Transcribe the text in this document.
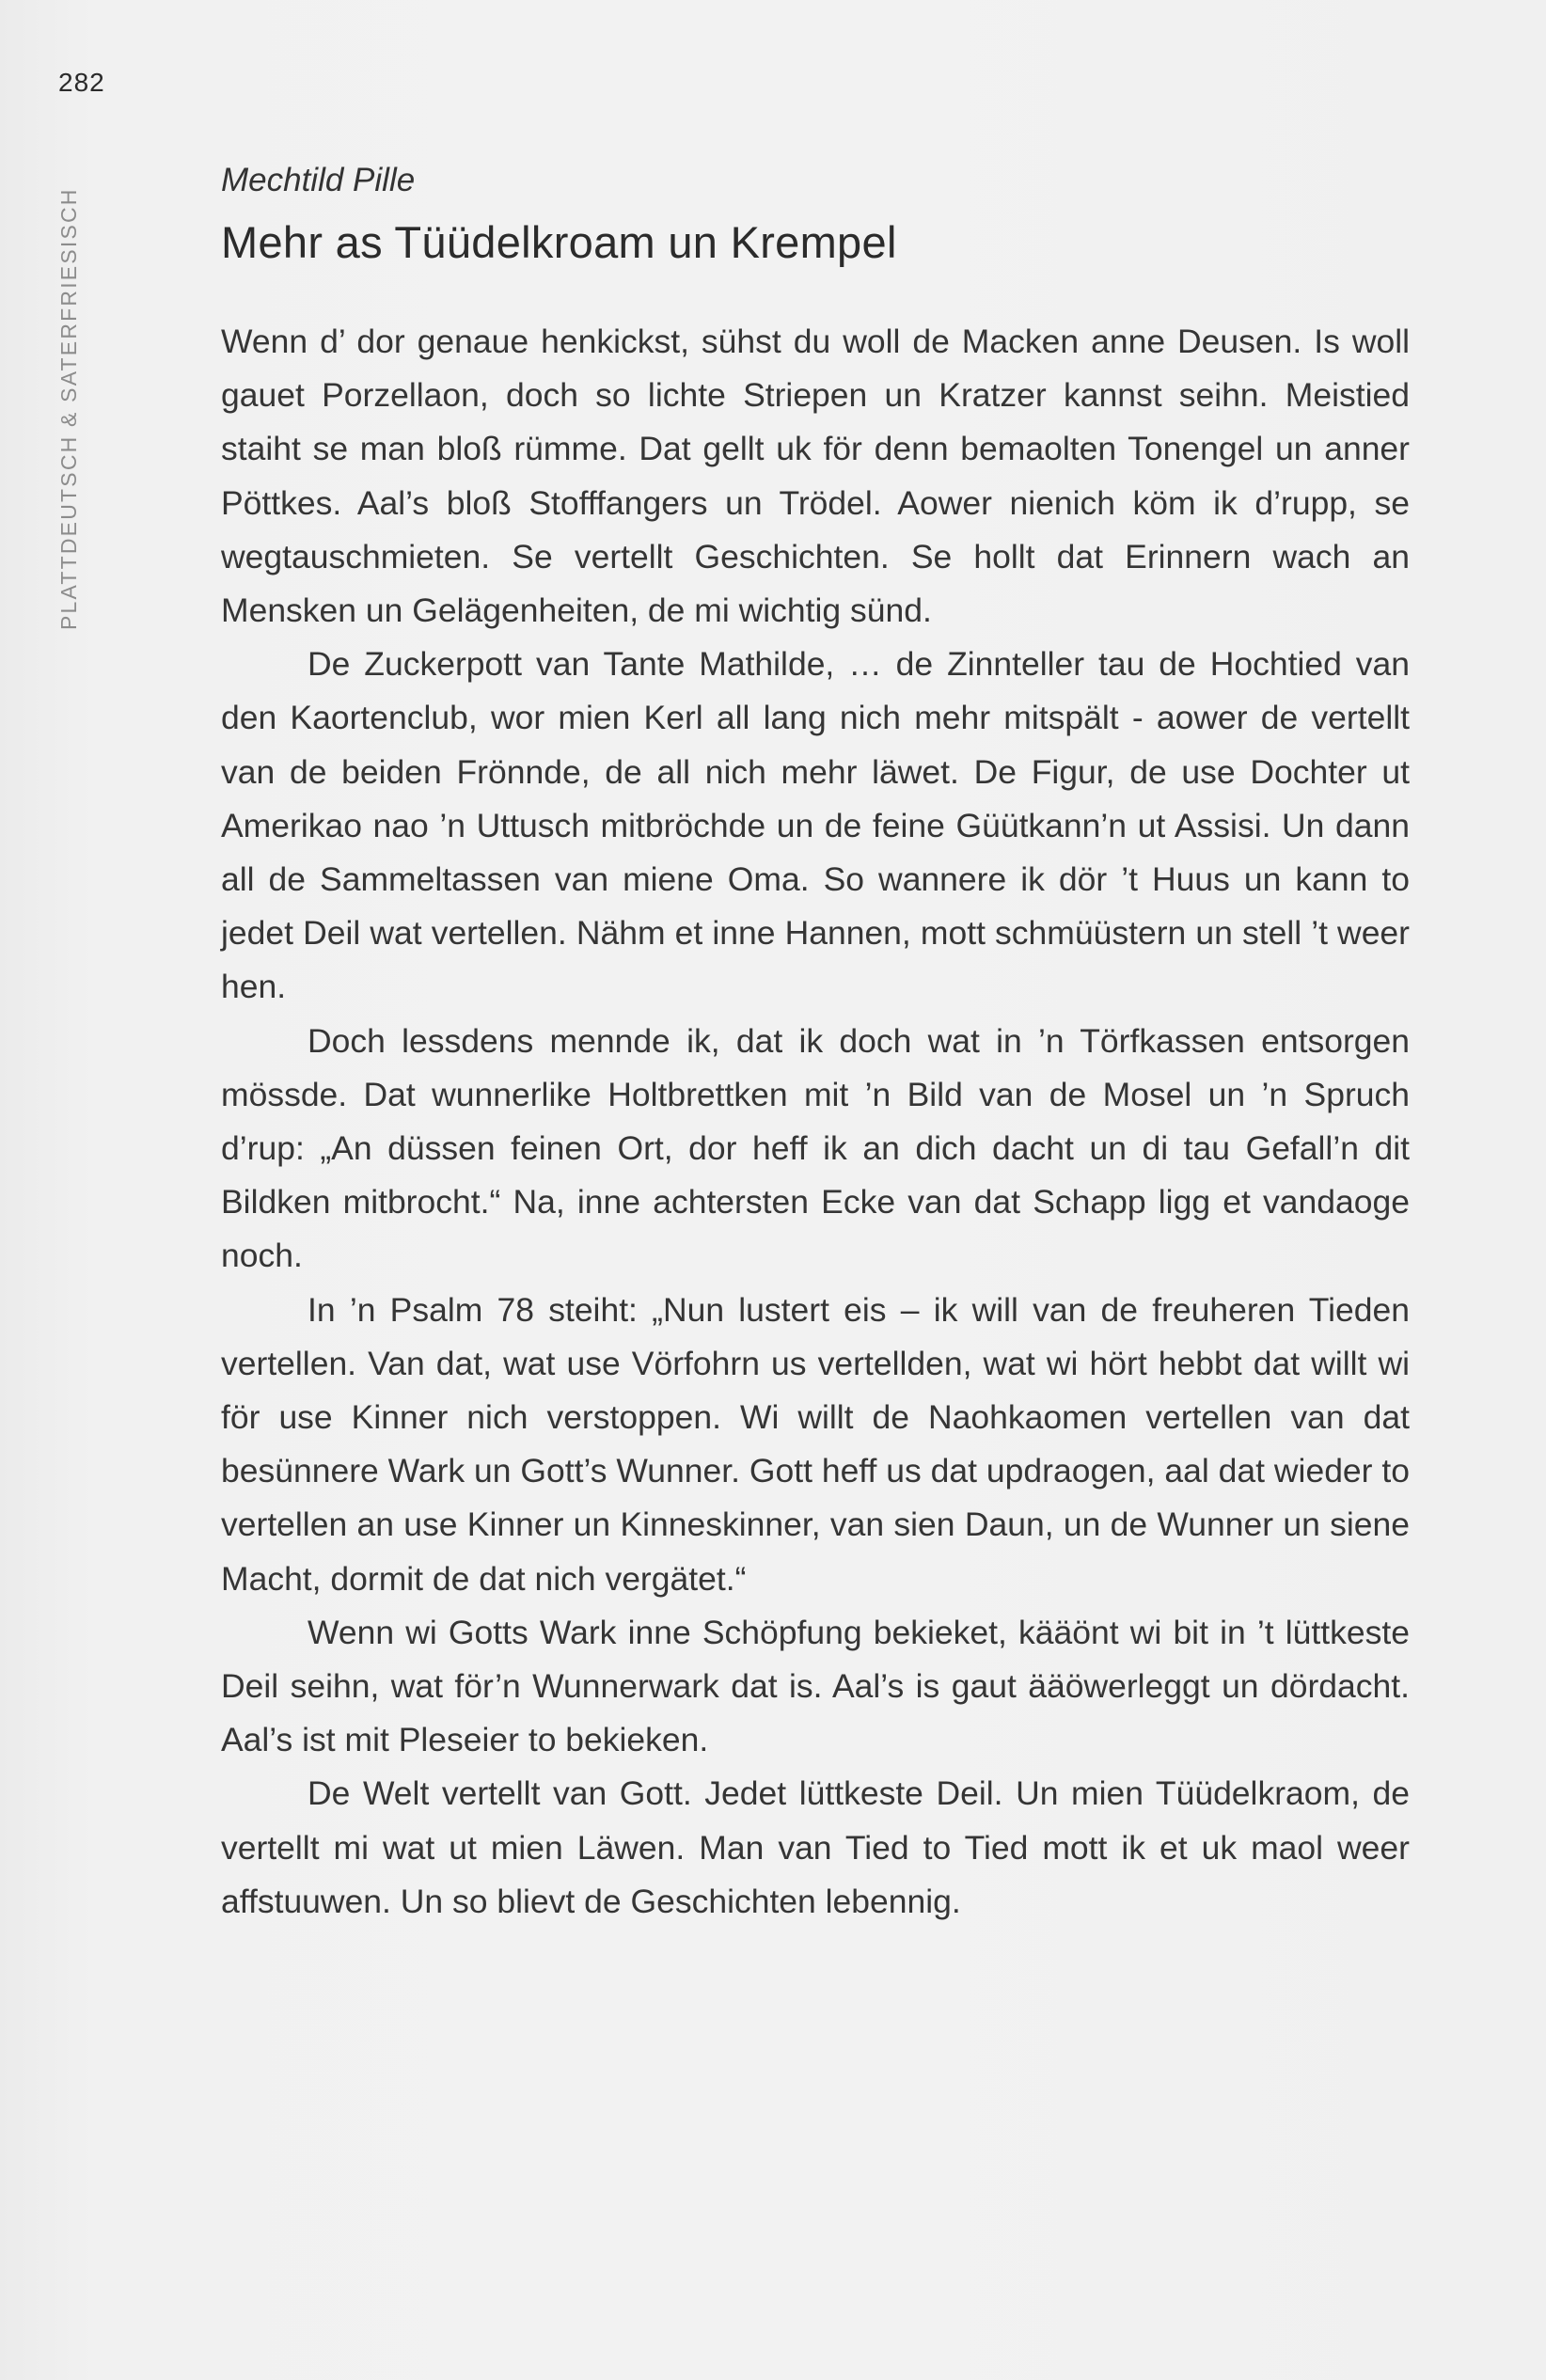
282
PLATTDEUTSCH & SATERFRIESISCH
Mechtild Pille
Mehr as Tüüdelkroam un Krempel

Wenn d’ dor genaue henkickst, sühst du woll de Macken anne Deusen. Is woll gauet Porzellaon, doch so lichte Striepen un Kratzer kannst seihn. Meistied staiht se man bloß rümme. Dat gellt uk för denn bemaolten Tonengel un anner Pöttkes. Aal’s bloß Stofffangers un Trödel. Aower nienich köm ik d’rupp, se wegtauschmieten. Se vertellt Geschichten. Se hollt dat Erinnern wach an Mensken un Gelägenheiten, de mi wichtig sünd.

De Zuckerpott van Tante Mathilde, … de Zinnteller tau de Hochtied van den Kaortenclub, wor mien Kerl all lang nich mehr mitspält - aower de vertellt van de beiden Frönnde, de all nich mehr läwet. De Figur, de use Dochter ut Amerikao nao ’n Uttusch mitbröchde un de feine Güütkann’n ut Assisi. Un dann all de Sammeltassen van miene Oma. So wannere ik dör ’t Huus un kann to jedet Deil wat vertellen. Nähm et inne Hannen, mott schmüüstern un stell ’t weer hen.

Doch lessdens mennde ik, dat ik doch wat in ’n Törfkassen entsorgen mössde. Dat wunnerlike Holtbrettken mit ’n Bild van de Mosel un ’n Spruch d’rup: „An düssen feinen Ort, dor heff ik an dich dacht un di tau Gefall’n dit Bildken mitbrocht.“ Na, inne achtersten Ecke van dat Schapp ligg et vandaoge noch.

In ’n Psalm 78 steiht: „Nun lustert eis – ik will van de freuheren Tieden vertellen. Van dat, wat use Vörfohrn us vertellden, wat wi hört hebbt dat willt wi för use Kinner nich verstoppen. Wi willt de Naohkaomen vertellen van dat besünnere Wark un Gott’s Wunner. Gott heff us dat updraogen, aal dat wieder to vertellen an use Kinner un Kinneskinner, van sien Daun, un de Wunner un siene Macht, dormit de dat nich vergätet.“

Wenn wi Gotts Wark inne Schöpfung bekieket, kääönt wi bit in ’t lüttkeste Deil seihn, wat för’n Wunnerwark dat is. Aal’s is gaut ääöwerleggt un dördacht. Aal’s ist mit Pleseier to bekieken.

De Welt vertellt van Gott. Jedet lüttkeste Deil. Un mien Tüüdelkraom, de vertellt mi wat ut mien Läwen. Man van Tied to Tied mott ik et uk maol weer affstuuwen. Un so blievt de Geschichten lebennig.
